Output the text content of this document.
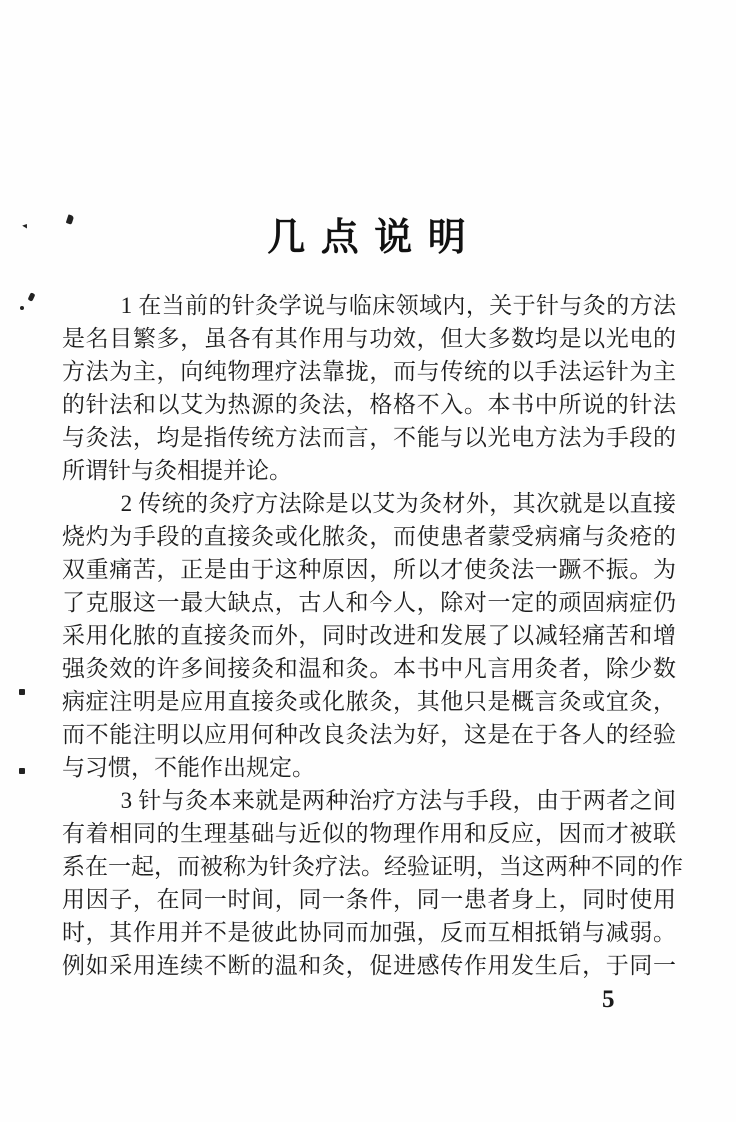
几 点 说 明
1 在当前的针灸学说与临床领域内，关于针与灸的方法
是名目繁多，虽各有其作用与功效，但大多数均是以光电的
方法为主，向纯物理疗法靠拢，而与传统的以手法运针为主
的针法和以艾为热源的灸法，格格不入。本书中所说的针法
与灸法，均是指传统方法而言，不能与以光电方法为手段的
所谓针与灸相提并论。
2 传统的灸疗方法除是以艾为灸材外，其次就是以直接
烧灼为手段的直接灸或化脓灸，而使患者蒙受病痛与灸疮的
双重痛苦，正是由于这种原因，所以才使灸法一蹶不振。为
了克服这一最大缺点，古人和今人，除对一定的顽固病症仍
采用化脓的直接灸而外，同时改进和发展了以减轻痛苦和增
强灸效的许多间接灸和温和灸。本书中凡言用灸者，除少数
病症注明是应用直接灸或化脓灸，其他只是概言灸或宜灸，
而不能注明以应用何种改良灸法为好，这是在于各人的经验
与习惯，不能作出规定。
3 针与灸本来就是两种治疗方法与手段，由于两者之间
有着相同的生理基础与近似的物理作用和反应，因而才被联
系在一起，而被称为针灸疗法。经验证明，当这两种不同的作
用因子，在同一时间，同一条件，同一患者身上，同时使用
时，其作用并不是彼此协同而加强，反而互相抵销与减弱。
例如采用连续不断的温和灸，促进感传作用发生后，于同一
5
